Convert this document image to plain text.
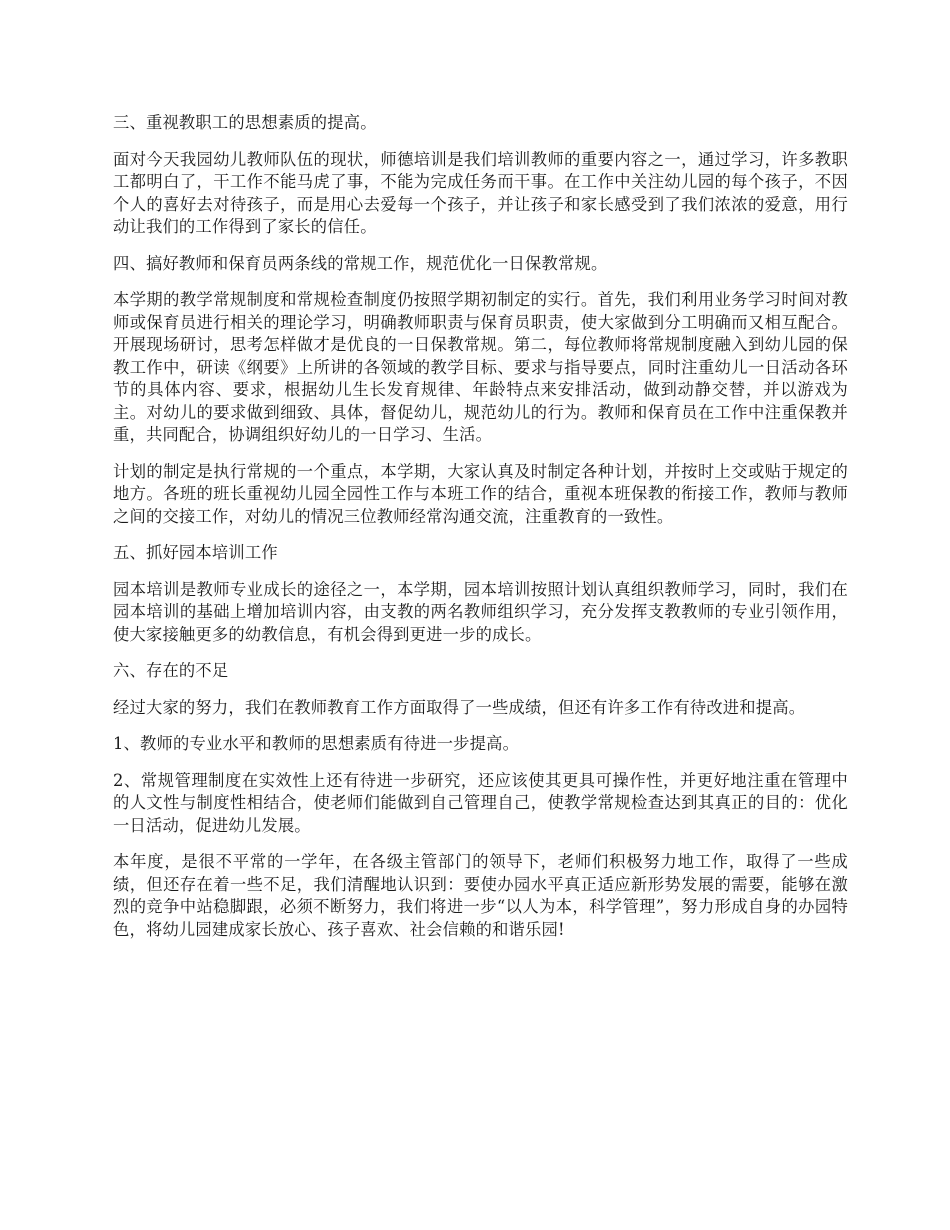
三、重视教职工的思想素质的提高。

面对今天我园幼儿教师队伍的现状，师德培训是我们培训教师的重要内容之一，通过学习，许多教职工都明白了，干工作不能马虎了事，不能为完成任务而干事。在工作中关注幼儿园的每个孩子，不因个人的喜好去对待孩子，而是用心去爱每一个孩子，并让孩子和家长感受到了我们浓浓的爱意，用行动让我们的工作得到了家长的信任。

四、搞好教师和保育员两条线的常规工作，规范优化一日保教常规。

本学期的教学常规制度和常规检查制度仍按照学期初制定的实行。首先，我们利用业务学习时间对教师或保育员进行相关的理论学习，明确教师职责与保育员职责，使大家做到分工明确而又相互配合。开展现场研讨，思考怎样做才是优良的一日保教常规。第二，每位教师将常规制度融入到幼儿园的保教工作中，研读《纲要》上所讲的各领域的教学目标、要求与指导要点，同时注重幼儿一日活动各环节的具体内容、要求，根据幼儿生长发育规律、年龄特点来安排活动，做到动静交替，并以游戏为主。对幼儿的要求做到细致、具体，督促幼儿，规范幼儿的行为。教师和保育员在工作中注重保教并重，共同配合，协调组织好幼儿的一日学习、生活。

计划的制定是执行常规的一个重点，本学期，大家认真及时制定各种计划，并按时上交或贴于规定的地方。各班的班长重视幼儿园全园性工作与本班工作的结合，重视本班保教的衔接工作，教师与教师之间的交接工作，对幼儿的情况三位教师经常沟通交流，注重教育的一致性。

五、抓好园本培训工作

园本培训是教师专业成长的途径之一，本学期，园本培训按照计划认真组织教师学习，同时，我们在园本培训的基础上增加培训内容，由支教的两名教师组织学习，充分发挥支教教师的专业引领作用，使大家接触更多的幼教信息，有机会得到更进一步的成长。

六、存在的不足

经过大家的努力，我们在教师教育工作方面取得了一些成绩，但还有许多工作有待改进和提高。

1、教师的专业水平和教师的思想素质有待进一步提高。

2、常规管理制度在实效性上还有待进一步研究，还应该使其更具可操作性，并更好地注重在管理中的人文性与制度性相结合，使老师们能做到自己管理自己，使教学常规检查达到其真正的目的：优化一日活动，促进幼儿发展。

本年度，是很不平常的一学年，在各级主管部门的领导下，老师们积极努力地工作，取得了一些成绩，但还存在着一些不足，我们清醒地认识到：要使办园水平真正适应新形势发展的需要，能够在激烈的竞争中站稳脚跟，必须不断努力，我们将进一步“以人为本，科学管理”，努力形成自身的办园特色，将幼儿园建成家长放心、孩子喜欢、社会信赖的和谐乐园!
